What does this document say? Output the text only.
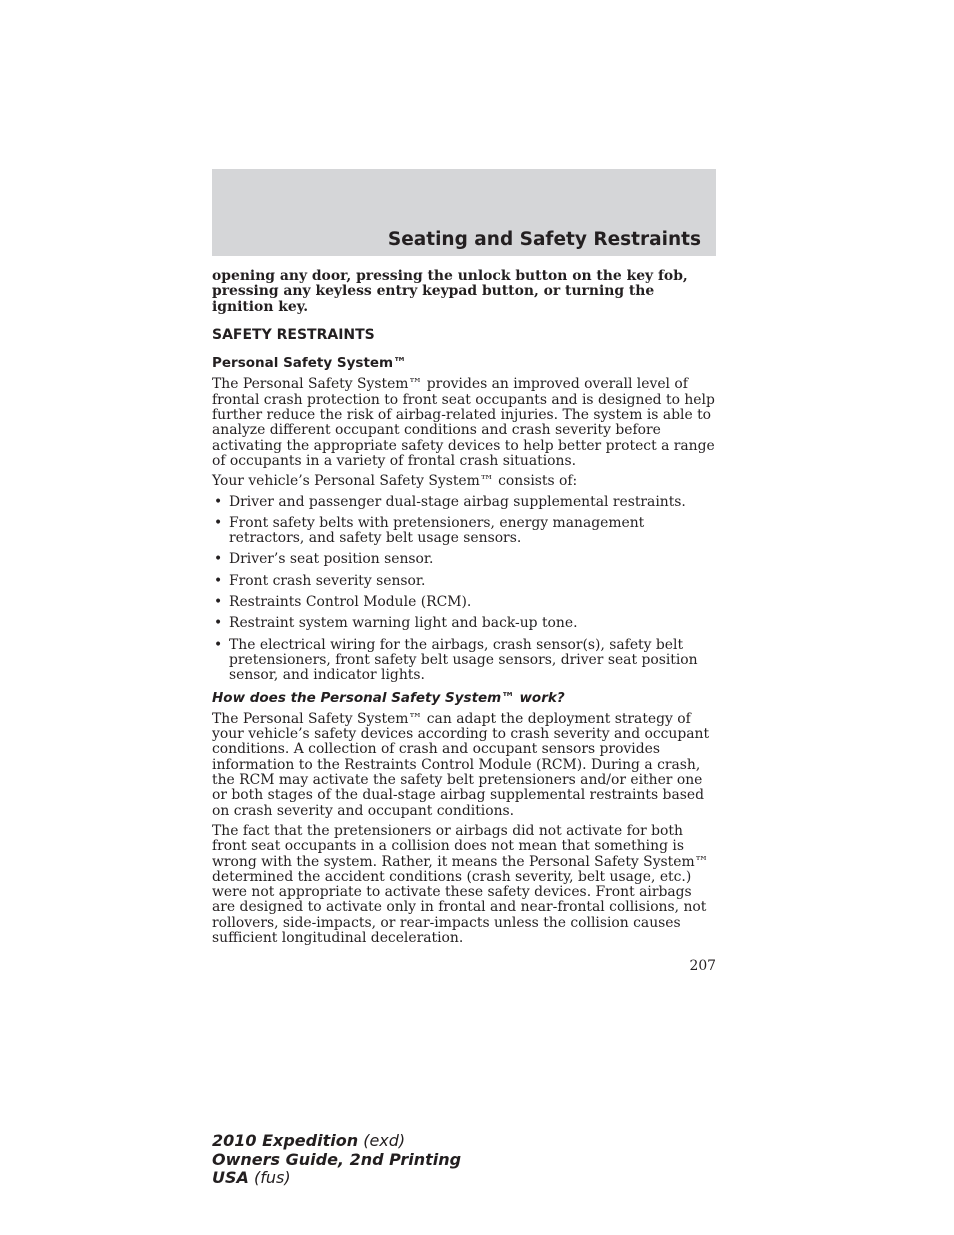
Seating and Safety Restraints

opening any door, pressing the unlock button on the key fob, pressing any keyless entry keypad button, or turning the ignition key.

SAFETY RESTRAINTS

Personal Safety System™

The Personal Safety System™ provides an improved overall level of frontal crash protection to front seat occupants and is designed to help further reduce the risk of airbag-related injuries. The system is able to analyze different occupant conditions and crash severity before activating the appropriate safety devices to help better protect a range of occupants in a variety of frontal crash situations.

Your vehicle’s Personal Safety System™ consists of:

• Driver and passenger dual-stage airbag supplemental restraints.
• Front safety belts with pretensioners, energy management retractors, and safety belt usage sensors.
• Driver’s seat position sensor.
• Front crash severity sensor.
• Restraints Control Module (RCM).
• Restraint system warning light and back-up tone.
• The electrical wiring for the airbags, crash sensor(s), safety belt pretensioners, front safety belt usage sensors, driver seat position sensor, and indicator lights.

How does the Personal Safety System™ work?

The Personal Safety System™ can adapt the deployment strategy of your vehicle’s safety devices according to crash severity and occupant conditions. A collection of crash and occupant sensors provides information to the Restraints Control Module (RCM). During a crash, the RCM may activate the safety belt pretensioners and/or either one or both stages of the dual-stage airbag supplemental restraints based on crash severity and occupant conditions.

The fact that the pretensioners or airbags did not activate for both front seat occupants in a collision does not mean that something is wrong with the system. Rather, it means the Personal Safety System™ determined the accident conditions (crash severity, belt usage, etc.) were not appropriate to activate these safety devices. Front airbags are designed to activate only in frontal and near-frontal collisions, not rollovers, side-impacts, or rear-impacts unless the collision causes sufficient longitudinal deceleration.

207
2010 Expedition (exd)
Owners Guide, 2nd Printing
USA (fus)
